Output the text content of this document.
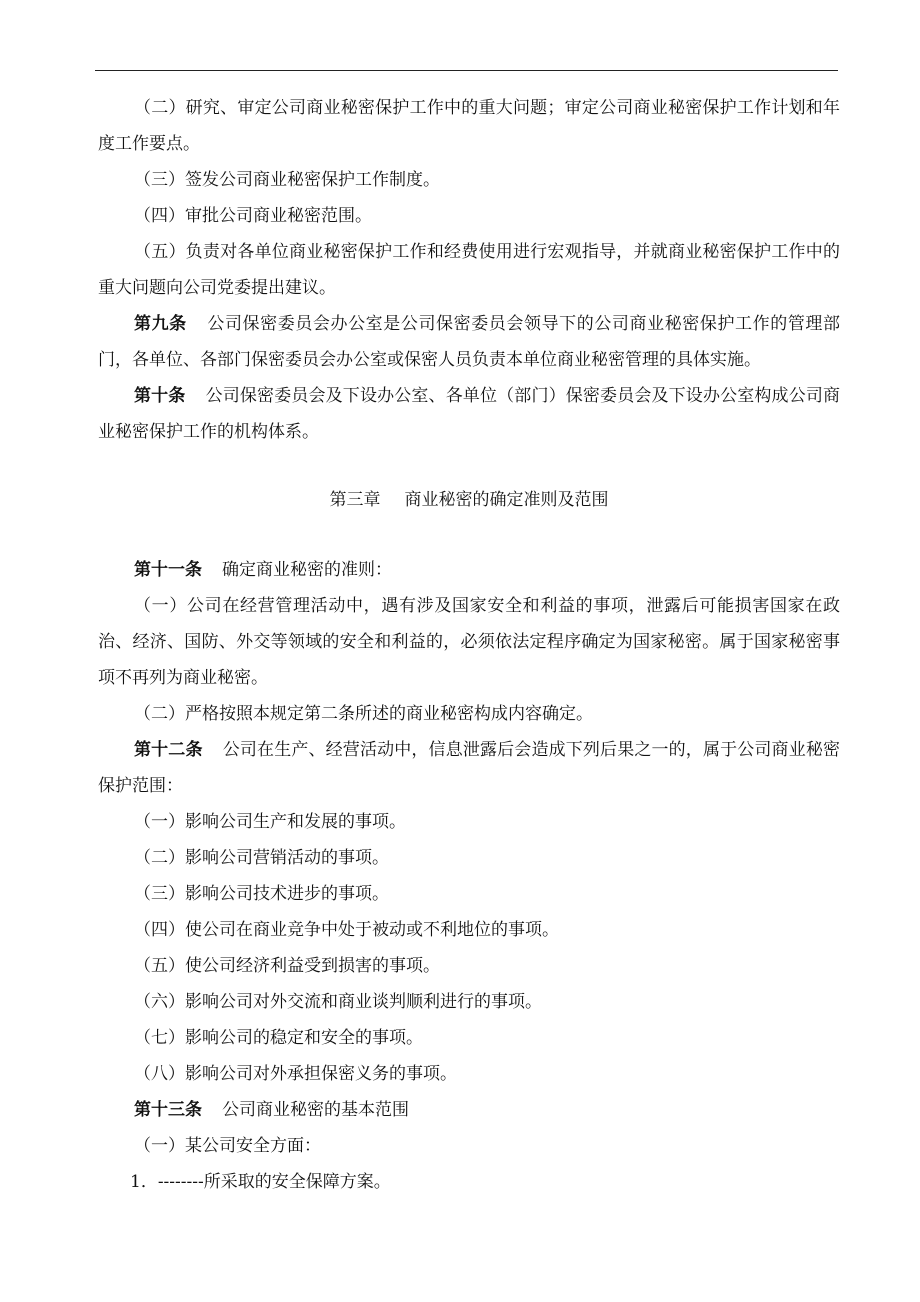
（二）研究、审定公司商业秘密保护工作中的重大问题；审定公司商业秘密保护工作计划和年度工作要点。

（三）签发公司商业秘密保护工作制度。

（四）审批公司商业秘密范围。

（五）负责对各单位商业秘密保护工作和经费使用进行宏观指导，并就商业秘密保护工作中的重大问题向公司党委提出建议。

第九条 公司保密委员会办公室是公司保密委员会领导下的公司商业秘密保护工作的管理部门，各单位、各部门保密委员会办公室或保密人员负责本单位商业秘密管理的具体实施。

第十条 公司保密委员会及下设办公室、各单位（部门）保密委员会及下设办公室构成公司商业秘密保护工作的机构体系。

第三章 商业秘密的确定准则及范围

第十一条 确定商业秘密的准则：

（一）公司在经营管理活动中，遇有涉及国家安全和利益的事项，泄露后可能损害国家在政治、经济、国防、外交等领域的安全和利益的，必须依法定程序确定为国家秘密。属于国家秘密事项不再列为商业秘密。

（二）严格按照本规定第二条所述的商业秘密构成内容确定。

第十二条 公司在生产、经营活动中，信息泄露后会造成下列后果之一的，属于公司商业秘密保护范围：

（一）影响公司生产和发展的事项。

（二）影响公司营销活动的事项。

（三）影响公司技术进步的事项。

（四）使公司在商业竞争中处于被动或不利地位的事项。

（五）使公司经济利益受到损害的事项。

（六）影响公司对外交流和商业谈判顺利进行的事项。

（七）影响公司的稳定和安全的事项。

（八）影响公司对外承担保密义务的事项。

第十三条 公司商业秘密的基本范围

（一）某公司安全方面：

1．--------所采取的安全保障方案。
